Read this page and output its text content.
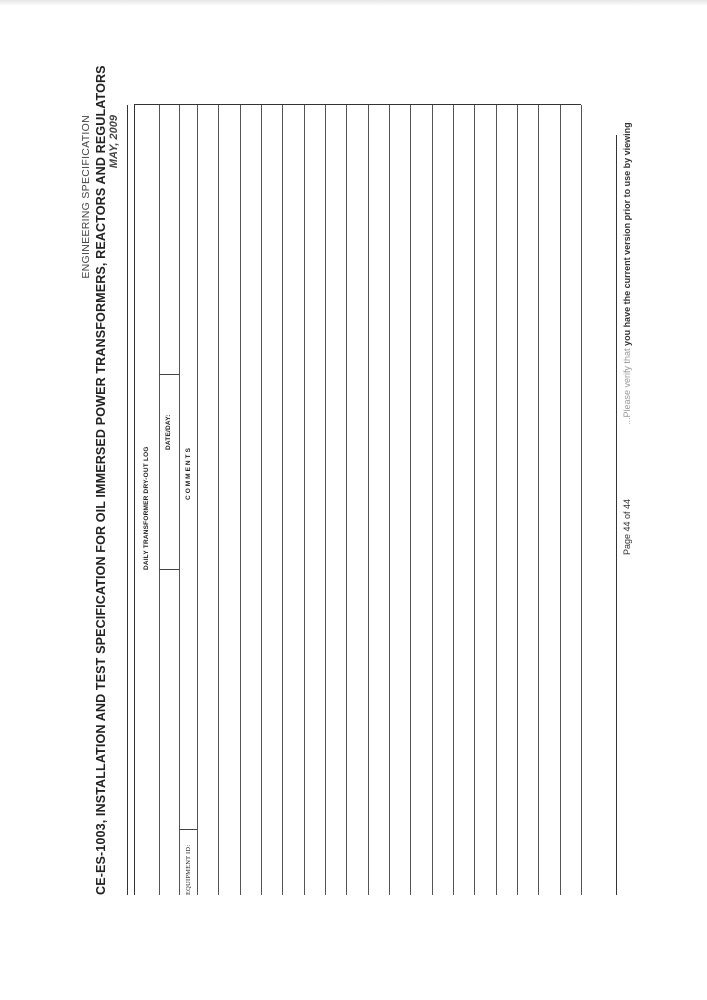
ENGINEERING SPECIFICATION CE-ES-1003, INSTALLATION AND TEST SPECIFICATION FOR OIL IMMERSED POWER TRANSFORMERS, REACTORS AND REGULATORS MAY, 2009
DAILY TRANSFORMER DRY-OUT LOG
DATE/DAY:
COMMENTS
EQUIPMENT ID:
Page 44 of 44
...Please verify that you have the current version prior to use by viewing
